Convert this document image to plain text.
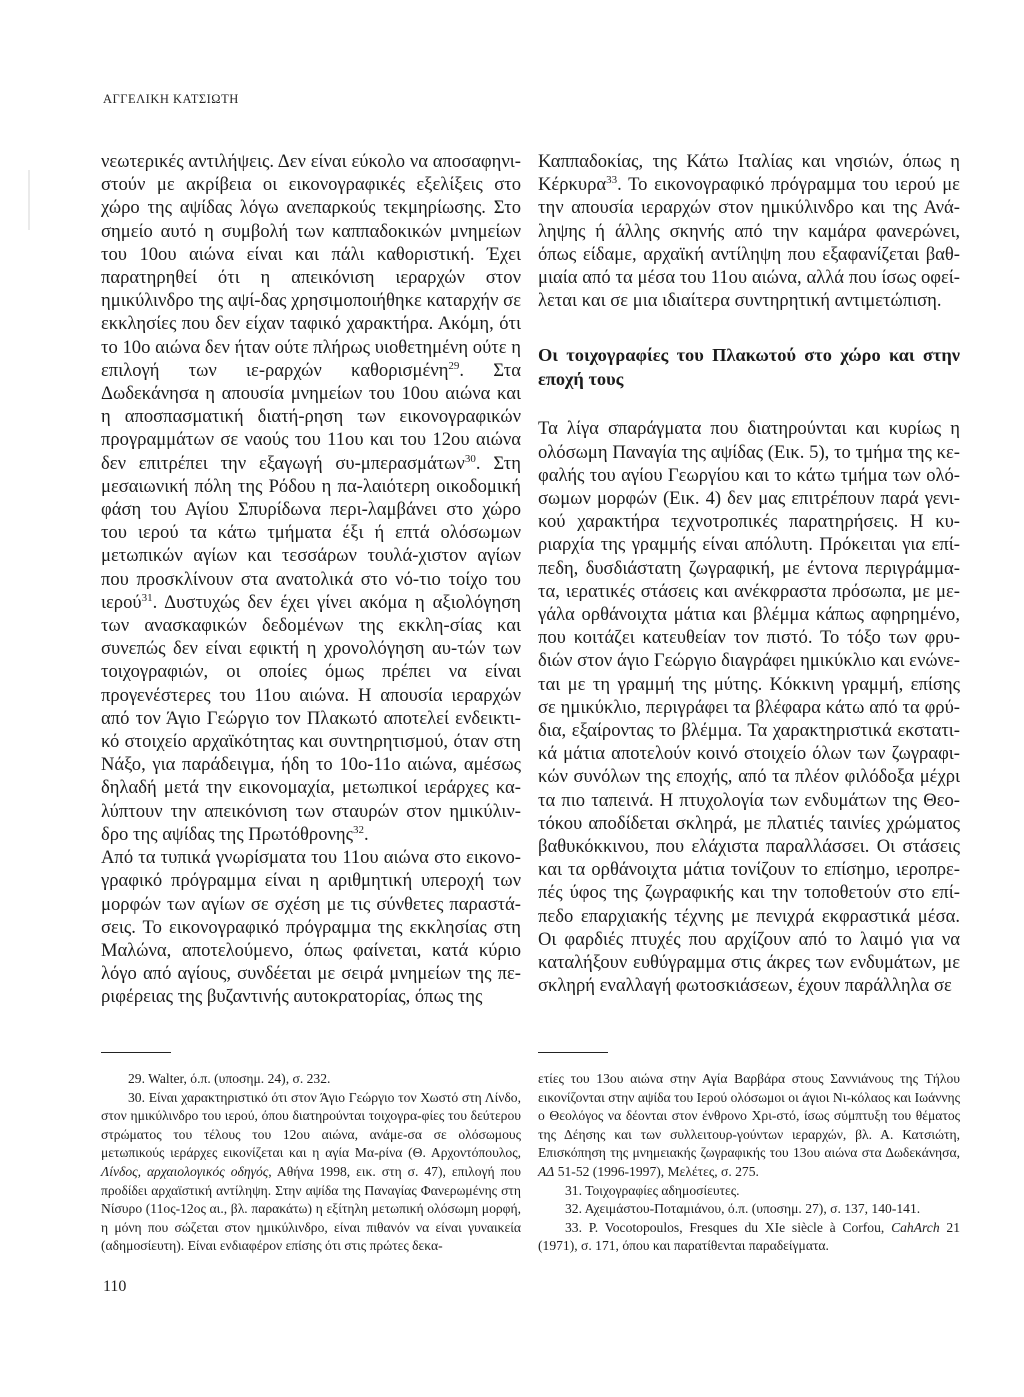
ΑΓΓΕΛΙΚΗ ΚΑΤΣΙΩΤΗ

νεωτερικές αντιλήψεις. Δεν είναι εύκολο να αποσαφηνι-στούν με ακρίβεια οι εικονογραφικές εξελίξεις στο χώρο της αψίδας λόγω ανεπαρκούς τεκμηρίωσης. Στο σημείο αυτό η συμβολή των καππαδοκικών μνημείων του 10ου αιώνα είναι και πάλι καθοριστική. Έχει παρατηρηθεί ότι η απεικόνιση ιεραρχών στον ημικύλινδρο της αψί-δας χρησιμοποιήθηκε καταρχήν σε εκκλησίες που δεν είχαν ταφικό χαρακτήρα. Ακόμη, ότι το 10ο αιώνα δεν ήταν ούτε πλήρως υιοθετημένη ούτε η επιλογή των ιε-ραρχών καθορισμένη$^{29}$. Στα Δωδεκάνησα η απουσία μνημείων του 10ου αιώνα και η αποσπασματική διατή-ρηση των εικονογραφικών προγραμμάτων σε ναούς του 11ου και του 12ου αιώνα δεν επιτρέπει την εξαγωγή συ-μπερασμάτων$^{30}$. Στη μεσαιωνική πόλη της Ρόδου η πα-λαιότερη οικοδομική φάση του Αγίου Σπυρίδωνα περι-λαμβάνει στο χώρο του ιερού τα κάτω τμήματα έξι ή επτά ολόσωμων μετωπικών αγίων και τεσσάρων τουλά-χιστον αγίων που προσκλίνουν στα ανατολικά στο νό-τιο τοίχο του ιερού$^{31}$. Δυστυχώς δεν έχει γίνει ακόμα η αξιολόγηση των ανασκαφικών δεδομένων της εκκλη-σίας και συνεπώς δεν είναι εφικτή η χρονολόγηση αυ-τών των τοιχογραφιών, οι οποίες όμως πρέπει να είναι προγενέστερες του 11ου αιώνα. Η απουσία ιεραρχών από τον Άγιο Γεώργιο τον Πλακωτό αποτελεί ενδεικτι-κό στοιχείο αρχαϊκότητας και συντηρητισμού, όταν στη Νάξο, για παράδειγμα, ήδη το 10ο-11ο αιώνα, αμέσως δηλαδή μετά την εικονομαχία, μετωπικοί ιεράρχες κα-λύπτουν την απεικόνιση των σταυρών στον ημικύλιν-δρο της αψίδας της Πρωτόθρονης$^{32}$.

Από τα τυπικά γνωρίσματα του 11ου αιώνα στο εικονο-γραφικό πρόγραμμα είναι η αριθμητική υπεροχή των μορφών των αγίων σε σχέση με τις σύνθετες παραστά-σεις. Το εικονογραφικό πρόγραμμα της εκκλησίας στη Μαλώνα, αποτελούμενο, όπως φαίνεται, κατά κύριο λόγο από αγίους, συνδέεται με σειρά μνημείων της πε-ριφέρειας της βυζαντινής αυτοκρατορίας, όπως της

Καππαδοκίας, της Κάτω Ιταλίας και νησιών, όπως η Κέρκυρα$^{33}$. Το εικονογραφικό πρόγραμμα του ιερού με την απουσία ιεραρχών στον ημικύλινδρο και της Ανά-ληψης ή άλλης σκηνής από την καμάρα φανερώνει, όπως είδαμε, αρχαϊκή αντίληψη που εξαφανίζεται βαθ-μιαία από τα μέσα του 11ου αιώνα, αλλά που ίσως οφεί-λεται και σε μια ιδιαίτερα συντηρητική αντιμετώπιση.

Οι τοιχογραφίες του Πλακωτού στο χώρο και στην εποχή τους

Τα λίγα σπαράγματα που διατηρούνται και κυρίως η ολόσωμη Παναγία της αψίδας (Εικ. 5), το τμήμα της κε-φαλής του αγίου Γεωργίου και το κάτω τμήμα των ολό-σωμων μορφών (Εικ. 4) δεν μας επιτρέπουν παρά γενι-κού χαρακτήρα τεχνοτροπικές παρατηρήσεις. Η κυ-ριαρχία της γραμμής είναι απόλυτη. Πρόκειται για επί-πεδη, δυσδιάστατη ζωγραφική, με έντονα περιγράμμα-τα, ιερατικές στάσεις και ανέκφραστα πρόσωπα, με με-γάλα ορθάνοιχτα μάτια και βλέμμα κάπως αφηρημένο, που κοιτάζει κατευθείαν τον πιστό. Το τόξο των φρυ-διών στον άγιο Γεώργιο διαγράφει ημικύκλιο και ενώνε-ται με τη γραμμή της μύτης. Κόκκινη γραμμή, επίσης σε ημικύκλιο, περιγράφει τα βλέφαρα κάτω από τα φρύ-δια, εξαίροντας το βλέμμα. Τα χαρακτηριστικά εκστατι-κά μάτια αποτελούν κοινό στοιχείο όλων των ζωγραφι-κών συνόλων της εποχής, από τα πλέον φιλόδοξα μέχρι τα πιο ταπεινά. Η πτυχολογία των ενδυμάτων της Θεο-τόκου αποδίδεται σκληρά, με πλατιές ταινίες χρώματος βαθυκόκκινου, που ελάχιστα παραλλάσσει. Οι στάσεις και τα ορθάνοιχτα μάτια τονίζουν το επίσημο, ιεροπρε-πές ύφος της ζωγραφικής και την τοποθετούν στο επί-πεδο επαρχιακής τέχνης με πενιχρά εκφραστικά μέσα. Οι φαρδιές πτυχές που αρχίζουν από το λαιμό για να καταλήξουν ευθύγραμμα στις άκρες των ενδυμάτων, με σκληρή εναλλαγή φωτοσκιάσεων, έχουν παράλληλα σε

29. Walter, ό.π. (υποσημ. 24), σ. 232.

30. Είναι χαρακτηριστικό ότι στον Άγιο Γεώργιο τον Χωστό στη Λίνδο, στον ημικύλινδρο του ιερού, όπου διατηρούνται τοιχογρα-φίες του δεύτερου στρώματος του τέλους του 12ου αιώνα, ανάμε-σα σε ολόσωμους μετωπικούς ιεράρχες εικονίζεται και η αγία Μα-ρίνα (Θ. Αρχοντόπουλος, Λίνδος, αρχαιολογικός οδηγός, Αθήνα 1998, εικ. στη σ. 47), επιλογή που προδίδει αρχαϊστική αντίληψη. Στην αψίδα της Παναγίας Φανερωμένης στη Νίσυρο (11ος-12ος αι., βλ. παρακάτω) η εξίτηλη μετωπική ολόσωμη μορφή, η μόνη που σώζεται στον ημικύλινδρο, είναι πιθανόν να είναι γυναικεία (αδημοσίευτη). Είναι ενδιαφέρον επίσης ότι στις πρώτες δεκα-

ετίες του 13ου αιώνα στην Αγία Βαρβάρα στους Σαννιάνους της Τήλου εικονίζονται στην αψίδα του Ιερού ολόσωμοι οι άγιοι Νι-κόλαος και Ιωάννης ο Θεολόγος να δέονται στον ένθρονο Χρι-στό, ίσως σύμπτυξη του θέματος της Δέησης και των συλλειτουρ-γούντων ιεραρχών, βλ. Α. Κατσιώτη, Επισκόπηση της μνημειακής ζωγραφικής του 13ου αιώνα στα Δωδεκάνησα, ΑΔ 51-52 (1996-1997), Μελέτες, σ. 275.

31. Τοιχογραφίες αδημοσίευτες.

32. Αχειμάστου-Ποταμιάνου, ό.π. (υποσημ. 27), σ. 137, 140-141.

33. P. Vocotopoulos, Fresques du XIe siècle à Corfou, CahArch 21 (1971), σ. 171, όπου και παρατίθενται παραδείγματα.

110
